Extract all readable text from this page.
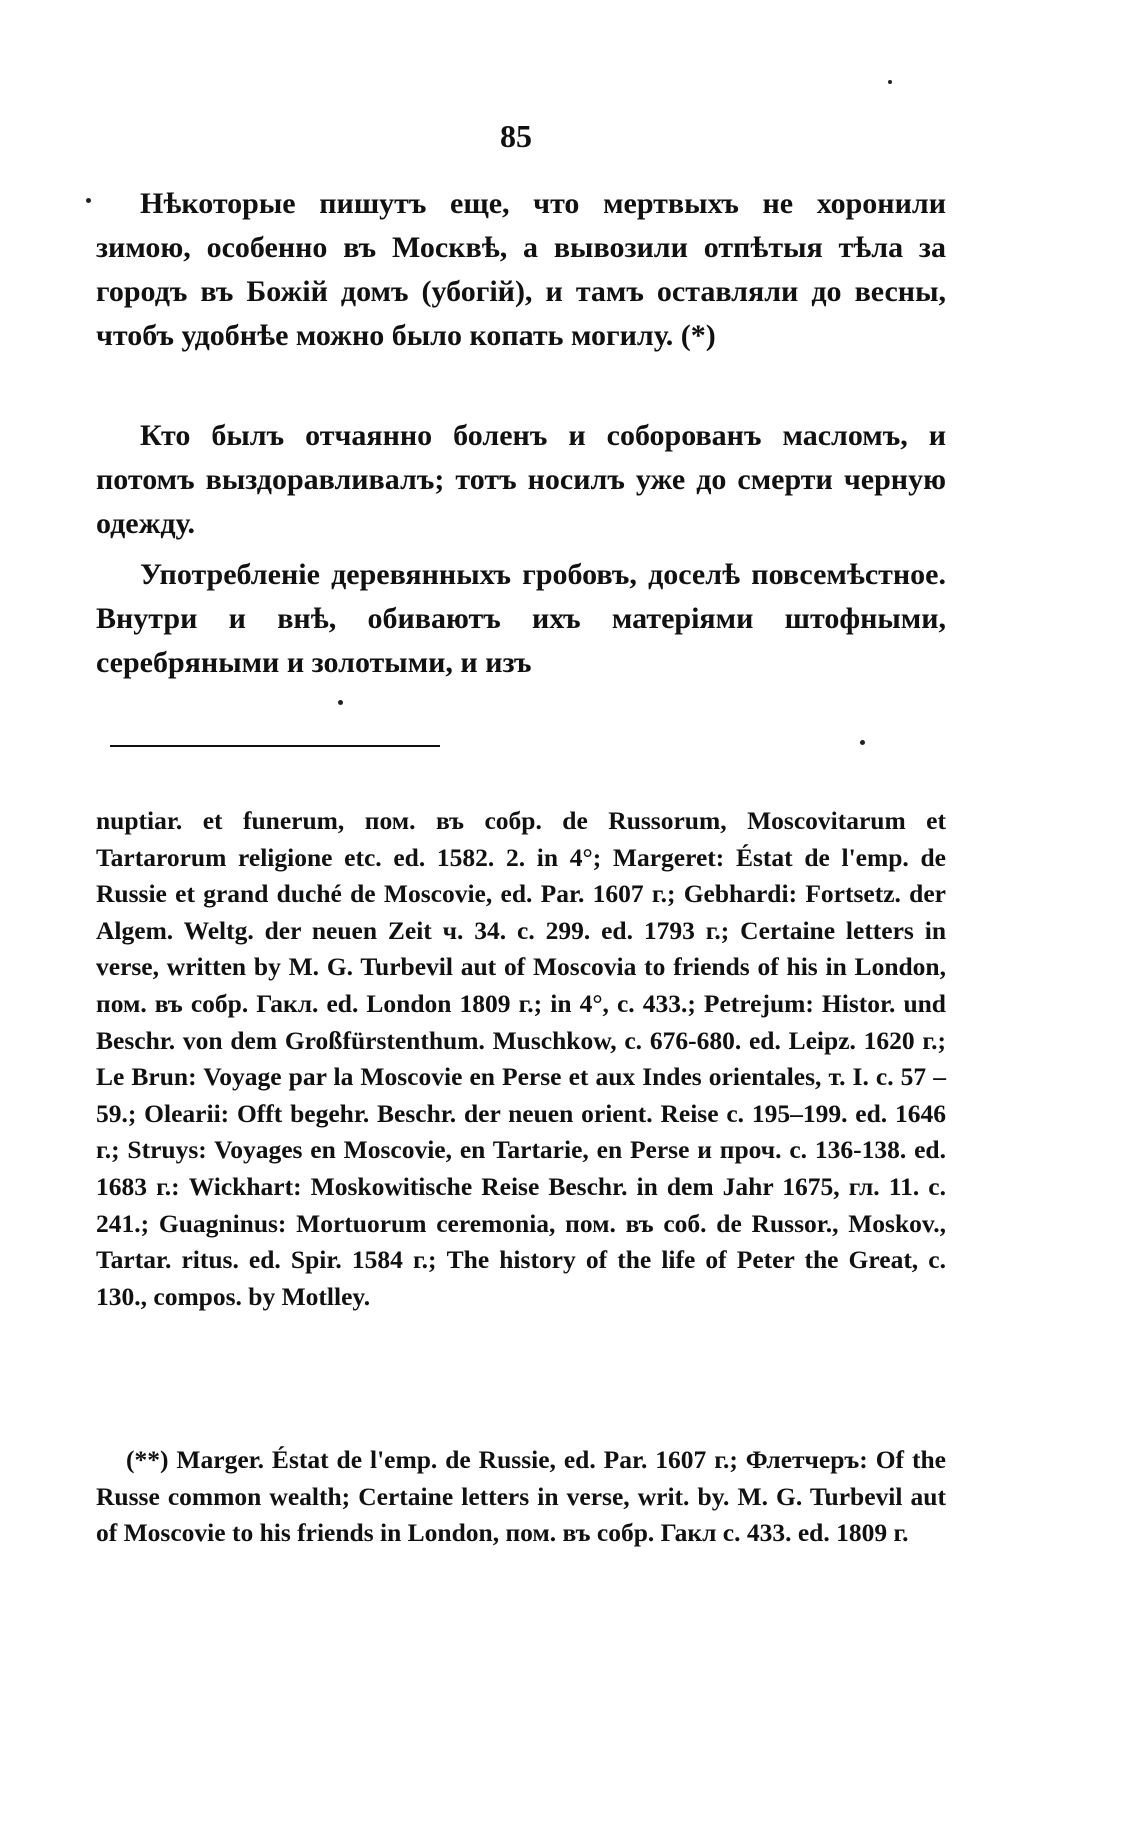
85

Нѣкоторые пишутъ еще, что мертвыхъ не хоронили зимою, особенно въ Москвѣ, а вывозили отпѣтыя тѣла за городъ въ Божій домъ (убогій), и тамъ оставляли до весны, чтобъ удобнѣе можно было копать могилу. (*)

Кто былъ отчаянно боленъ и соборованъ масломъ, и потомъ выздоравливалъ; тотъ носилъ уже до смерти черную одежду.

Употребленіе деревянныхъ гробовъ, доселѣ повсемѣстное. Внутри и внѣ, обиваютъ ихъ матеріями штофными, серебряными и золотыми, и изъ

nuptiar. et funerum, пом. въ собр. de Russorum, Moscovitarum et Tartarorum religione etc. ed. 1582. 2. in 4°; Margeret: Éstat de l'emp. de Russie et grand duché de Moscovie, ed. Par. 1607 г.; Gebhardi: Fortsetz. der Algem. Weltg. der neuen Zeit ч. 34. с. 299. ed. 1793 г.; Certaine letters in verse, written by M. G. Turbevil aut of Moscovia to friends of his in London, пом. въ собр. Гакл. ed. London 1809 г.; in 4°, с. 433.; Petrejum: Histor. und Beschr. von dem Großfürstenthum. Muschkow, с. 676-680. ed. Leipz. 1620 г.; Le Brun: Voyage par la Moscovie en Perse et aux Indes orientales, т. I. с. 57 – 59.; Olearii: Offt begehr. Beschr. der neuen orient. Reise с. 195–199. ed. 1646 г.; Struys: Voyages en Moscovie, en Tartarie, en Perse и проч. с. 136-138. ed. 1683 г.: Wickhart: Moskowitische Reise Beschr. in dem Jahr 1675, гл. 11. с. 241.; Guagninus: Mortuorum ceremonia, пом. въ соб. de Russor., Moskov., Tartar. ritus. ed. Spir. 1584 г.; The history of the life of Peter the Great, с. 130., compos. by Motlley.

(**) Marger. Éstat de l'emp. de Russie, ed. Par. 1607 г.; Флетчеръ: Of the Russe common wealth; Certaine letters in verse, writ. by. M. G. Turbevil aut of Moscovie to his friends in London, пом. въ собр. Гакл с. 433. ed. 1809 г.
